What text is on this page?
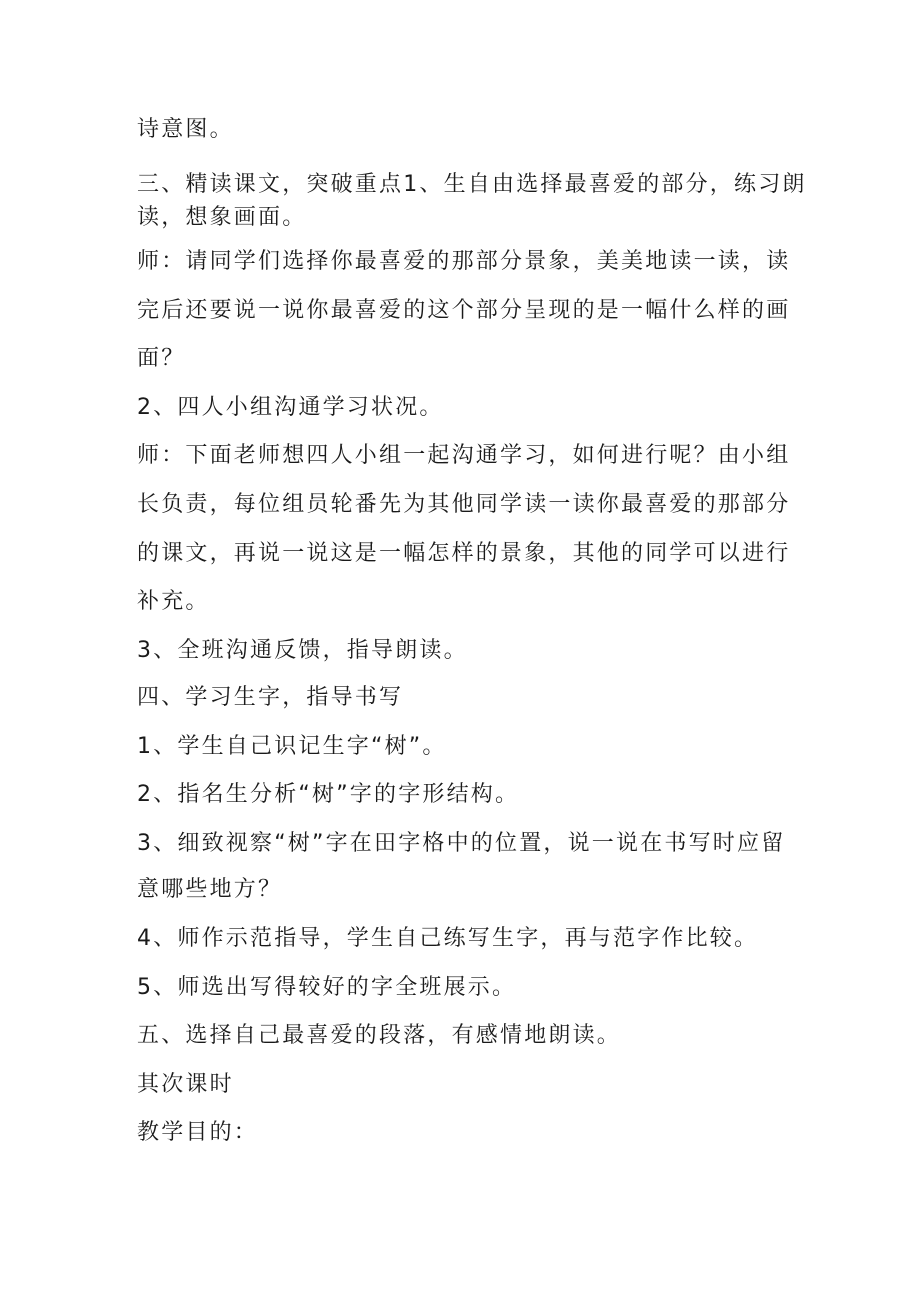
诗意图。
三、精读课文，突破重点1、生自由选择最喜爱的部分，练习朗
读，想象画面。
师：请同学们选择你最喜爱的那部分景象，美美地读一读，读
完后还要说一说你最喜爱的这个部分呈现的是一幅什么样的画
面？
2、四人小组沟通学习状况。
师：下面老师想四人小组一起沟通学习，如何进行呢？由小组
长负责，每位组员轮番先为其他同学读一读你最喜爱的那部分
的课文，再说一说这是一幅怎样的景象，其他的同学可以进行
补充。
3、全班沟通反馈，指导朗读。
四、学习生字，指导书写
1、学生自己识记生字“树”。
2、指名生分析“树”字的字形结构。
3、细致视察“树”字在田字格中的位置，说一说在书写时应留
意哪些地方？
4、师作示范指导，学生自己练写生字，再与范字作比较。
5、师选出写得较好的字全班展示。
五、选择自己最喜爱的段落，有感情地朗读。
其次课时
教学目的：
